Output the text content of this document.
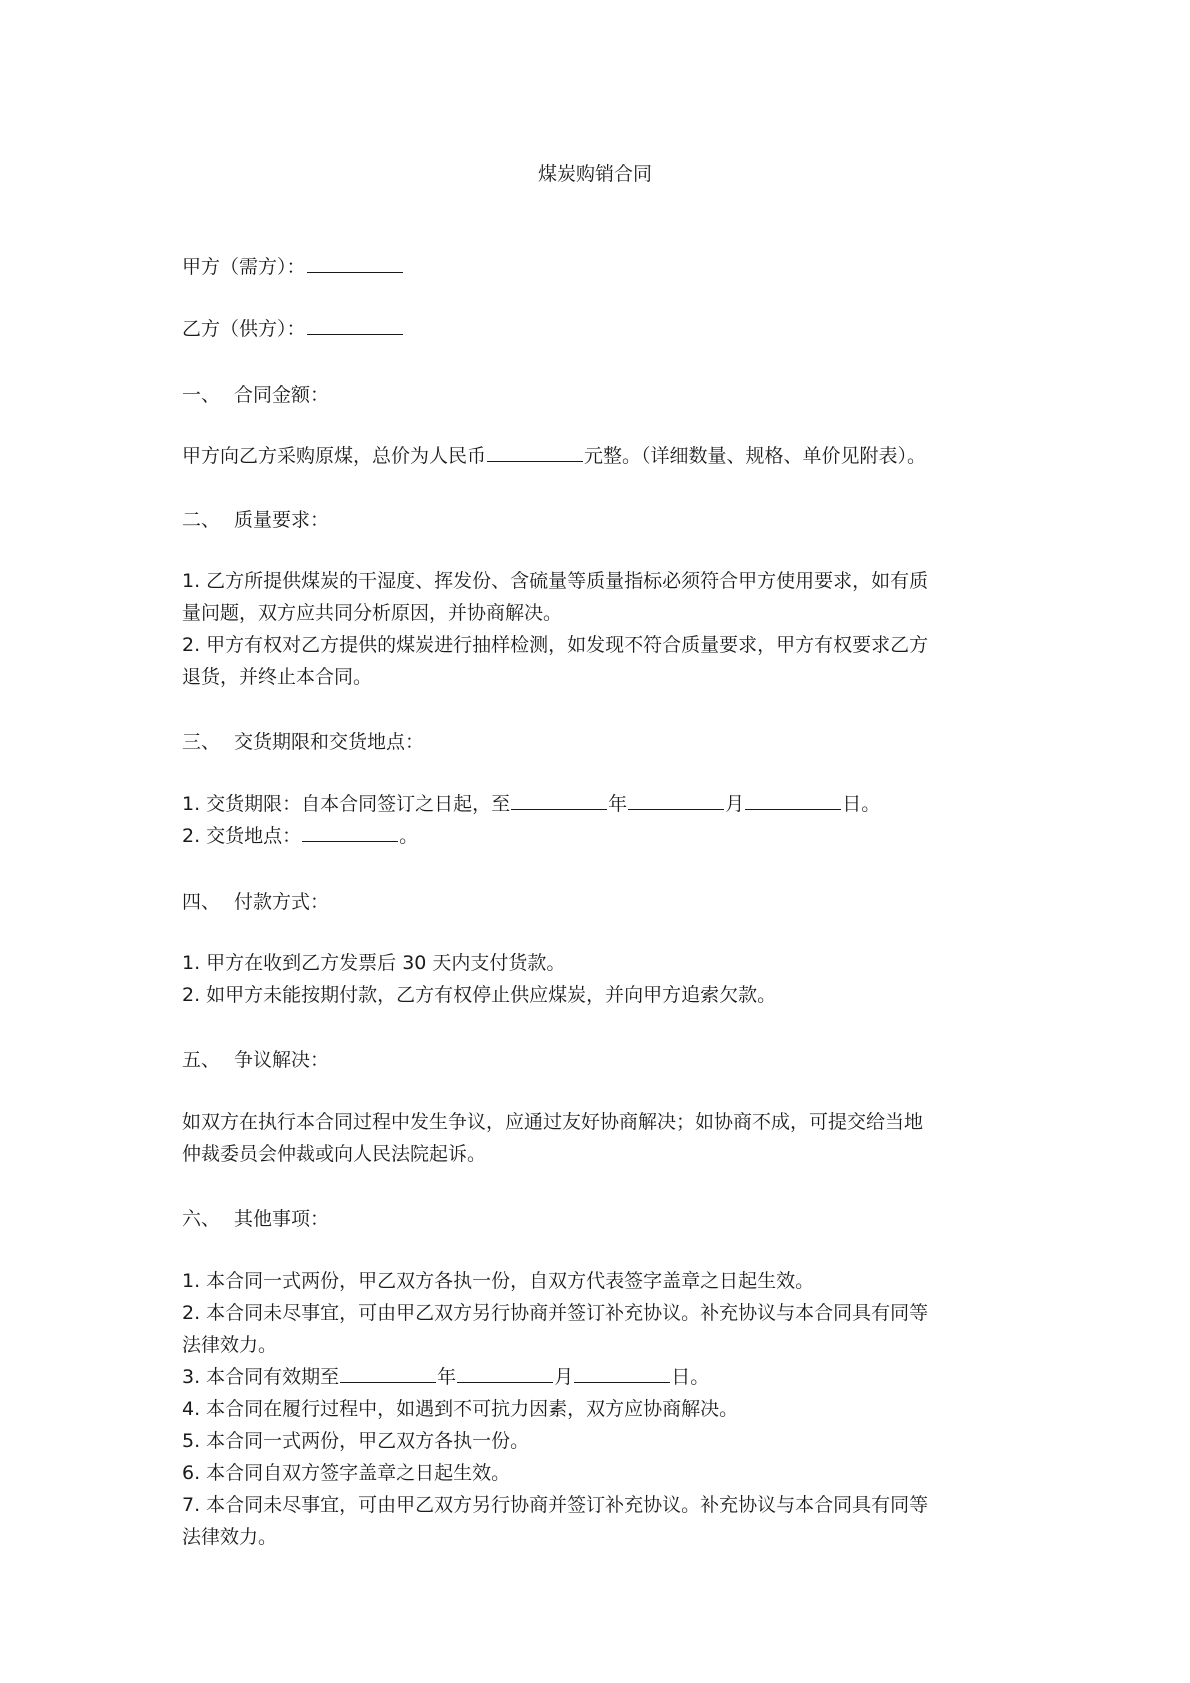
煤炭购销合同
甲方（需方）：
乙方（供方）：
一、 合同金额：
甲方向乙方采购原煤，总价为人民币	元整。（详细数量、规格、单价见附表）。
二、 质量要求：
1. 乙方所提供煤炭的干湿度、挥发份、含硫量等质量指标必须符合甲方使用要求，如有质
量问题，双方应共同分析原因，并协商解决。
2. 甲方有权对乙方提供的煤炭进行抽样检测，如发现不符合质量要求，甲方有权要求乙方
退货，并终止本合同。
三、 交货期限和交货地点：
1. 交货期限：自本合同签订之日起，至	年	月	日。
2. 交货地点：	。
四、 付款方式：
1. 甲方在收到乙方发票后 30 天内支付货款。
2. 如甲方未能按期付款，乙方有权停止供应煤炭，并向甲方追索欠款。
五、 争议解决：
如双方在执行本合同过程中发生争议，应通过友好协商解决；如协商不成，可提交给当地
仲裁委员会仲裁或向人民法院起诉。
六、 其他事项：
1. 本合同一式两份，甲乙双方各执一份，自双方代表签字盖章之日起生效。
2. 本合同未尽事宜，可由甲乙双方另行协商并签订补充协议。补充协议与本合同具有同等
法律效力。
3. 本合同有效期至	年	月	日。
4. 本合同在履行过程中，如遇到不可抗力因素，双方应协商解决。
5. 本合同一式两份，甲乙双方各执一份。
6. 本合同自双方签字盖章之日起生效。
7. 本合同未尽事宜，可由甲乙双方另行协商并签订补充协议。补充协议与本合同具有同等
法律效力。
